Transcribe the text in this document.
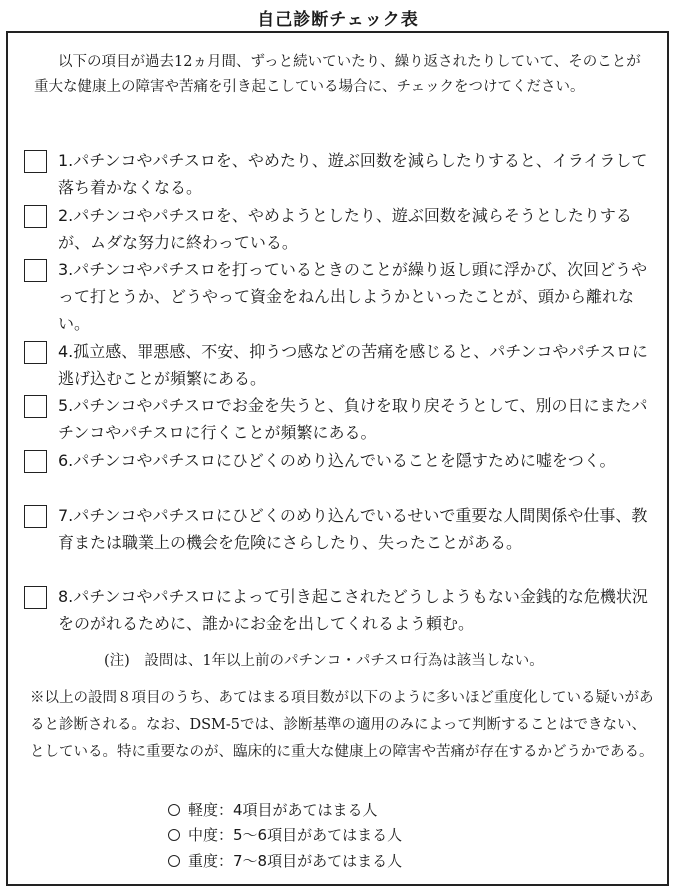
自己診断チェック表

以下の項目が過去12ヵ月間、ずっと続いていたり、繰り返されたりしていて、そのことが重大な健康上の障害や苦痛を引き起こしている場合に、チェックをつけてください。

1.パチンコやパチスロを、やめたり、遊ぶ回数を減らしたりすると、イライラして落ち着かなくなる。

2.パチンコやパチスロを、やめようとしたり、遊ぶ回数を減らそうとしたりするが、ムダな努力に終わっている。

3.パチンコやパチスロを打っているときのことが繰り返し頭に浮かび、次回どうやって打とうか、どうやって資金をねん出しようかといったことが、頭から離れない。

4.孤立感、罪悪感、不安、抑うつ感などの苦痛を感じると、パチンコやパチスロに逃げ込むことが頻繁にある。

5.パチンコやパチスロでお金を失うと、負けを取り戻そうとして、別の日にまたパチンコやパチスロに行くことが頻繁にある。

6.パチンコやパチスロにひどくのめり込んでいることを隠すために嘘をつく。

7.パチンコやパチスロにひどくのめり込んでいるせいで重要な人間関係や仕事、教育または職業上の機会を危険にさらしたり、失ったことがある。

8.パチンコやパチスロによって引き起こされたどうしようもない金銭的な危機状況をのがれるために、誰かにお金を出してくれるよう頼む。

(注)　設問は、1年以上前のパチンコ・パチスロ行為は該当しない。

※以上の設問８項目のうち、あてはまる項目数が以下のように多いほど重度化している疑いがあると診断される。なお、DSM-5では、診断基準の適用のみによって判断することはできない、としている。特に重要なのが、臨床的に重大な健康上の障害や苦痛が存在するかどうかである。

軽度：4項目があてはまる人
中度：5〜6項目があてはまる人
重度：7〜8項目があてはまる人
